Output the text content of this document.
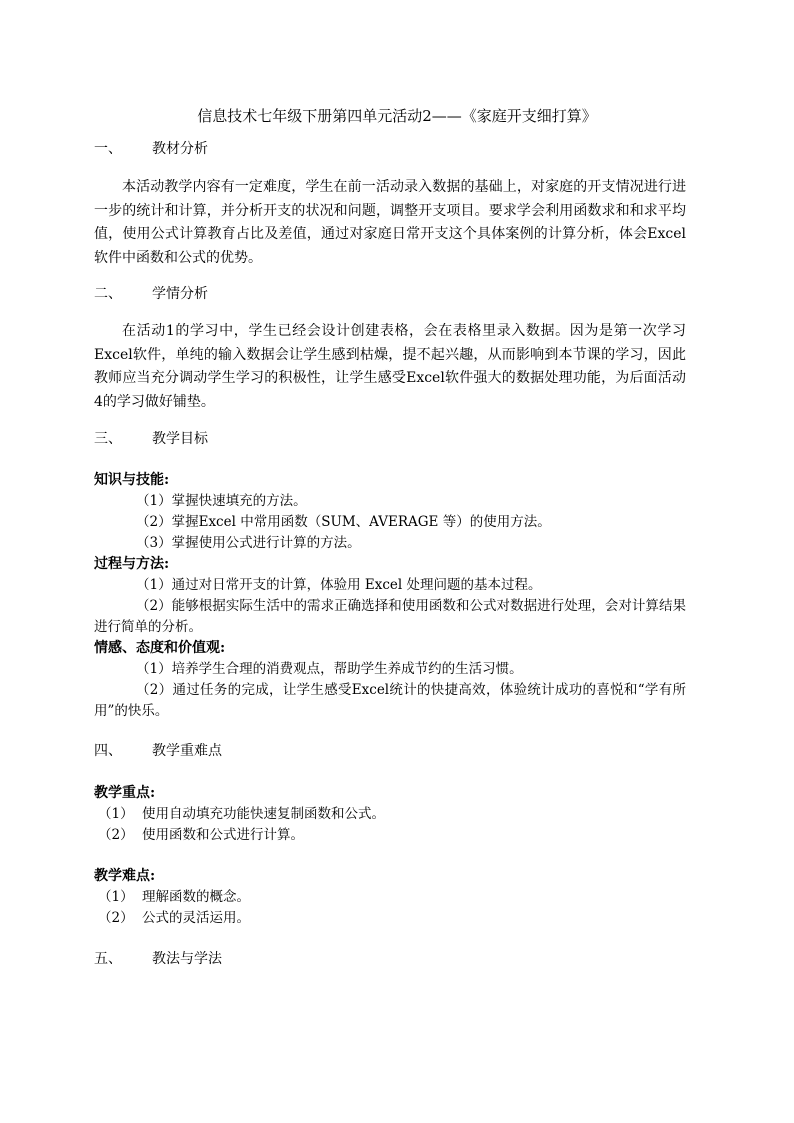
信息技术七年级下册第四单元活动2——《家庭开支细打算》
一、 教材分析
本活动教学内容有一定难度，学生在前一活动录入数据的基础上，对家庭的开支情况进行进一步的统计和计算，并分析开支的状况和问题，调整开支项目。要求学会利用函数求和和求平均值，使用公式计算教育占比及差值，通过对家庭日常开支这个具体案例的计算分析，体会Excel软件中函数和公式的优势。
二、 学情分析
在活动1的学习中，学生已经会设计创建表格，会在表格里录入数据。因为是第一次学习Excel软件，单纯的输入数据会让学生感到枯燥，提不起兴趣，从而影响到本节课的学习，因此教师应当充分调动学生学习的积极性，让学生感受Excel软件强大的数据处理功能，为后面活动4的学习做好铺垫。
三、 教学目标
知识与技能:
（1）掌握快速填充的方法。
（2）掌握Excel 中常用函数（SUM、AVERAGE 等）的使用方法。
（3）掌握使用公式进行计算的方法。
过程与方法:
（1）通过对日常开支的计算，体验用 Excel 处理问题的基本过程。
（2）能够根据实际生活中的需求正确选择和使用函数和公式对数据进行处理，会对计算结果进行简单的分析。
情感、态度和价值观:
（1）培养学生合理的消费观点，帮助学生养成节约的生活习惯。
（2）通过任务的完成，让学生感受Excel统计的快捷高效，体验统计成功的喜悦和“学有所用”的快乐。
四、 教学重难点
教学重点:
（1） 使用自动填充功能快速复制函数和公式。
（2） 使用函数和公式进行计算。
教学难点:
（1） 理解函数的概念。
（2） 公式的灵活运用。
五、 教法与学法
